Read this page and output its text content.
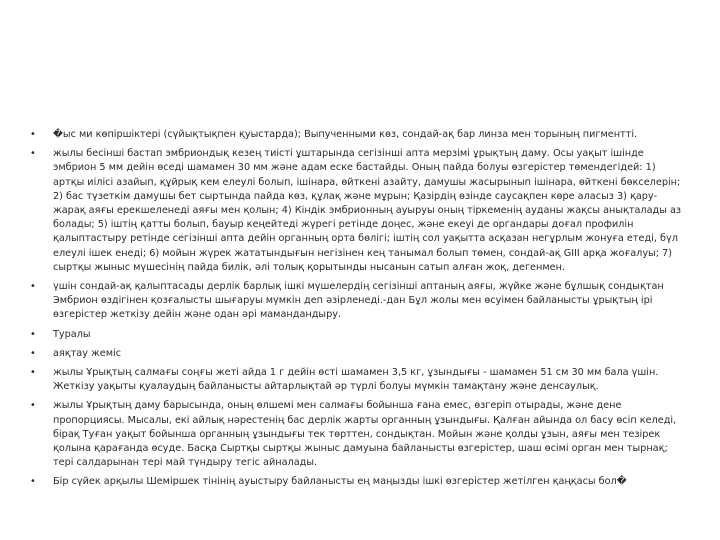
• �ыс ми көпіршіктері (сүйықтықпен қуыстарда); Выпученными көз, сондай-ақ бар линза мен торының пигментті.
• жылы бесінші бастап эмбриондық кезең тиісті ұштарында сегізінші апта мерзімі ұрықтың даму. Осы уақыт ішінде эмбрион 5 мм дейін өседі шамамен 30 мм және адам еске бастайды. Оның пайда болуы өзгерістер төмендегідей: 1) артқы иілісі азайып, құйрық кем елеулі болып, ішінара, өйткені азайту, дамушы жасырынып ішінара, өйткені бөкселерін; 2) бас түзеткім дамушы бет сыртында пайда көз, құлақ және мұрын; Қазірдің өзінде саусақпен көре аласыз 3) қару-жарақ аяғы ерекшеленеді аяғы мен қолын; 4) Кіндік эмбрионның ауыруы оның тіркеменің ауданы жақсы анықталады аз болады; 5) іштің қатты болып, бауыр кеңейтеді жүрегі ретінде доңес, және екеуі де органдары доғал профилін қалыптастыру ретінде сегізінші апта дейін органның орта бөлігі; іштің сол уақытта асқазан негұрлым жонуға етеді, бүл елеулі ішек енеді; 6) мойын жүрек жататындығын негізінен кең танымал болып төмен, сондай-ақ GIII арқа жоғалуы; 7) сыртқы жыныс мүшесінің пайда билік, әлі толық қорытынды нысанын сатып алған жоқ, дегенмен.
• үшін сондай-ақ қалыптасады дерлік барлық ішкі мүшелердің сегізінші аптаның аяғы, жүйке және бұлшық сондықтан Эмбрион өздігінен қозғалысты шығаруы мүмкін деп әзірленеді.-дан Бұл жолы мен өсуімен байланысты ұрықтың ірі өзгерістер жеткізу дейін және одан әрі мамандандыру.
• Туралы
• аяқтау жеміс
• жылы Ұрықтың салмағы соңғы жеті айда 1 г дейін өсті шамамен 3,5 кг, ұзындығы - шамамен 51 см 30 мм бала үшін. Жеткізу уақыты қуалаудың байланысты айтарлықтай әр түрлі болуы мүмкін тамақтану және денсаулық.
• жылы Ұрықтың даму барысында, оның өлшемі мен салмағы бойынша ғана емес, өзгеріп отырады, және дене пропорциясы. Мысалы, екі айлық нәрестенің бас дерлік жарты органның ұзындығы. Қалған айында ол басу өсіп келеді, бірақ Туған уақыт бойынша органның ұзындығы тек төрттен, сондықтан. Мойын және қолды ұзын, аяғы мен тезірек қолына қарағанда өсуде. Басқа Сыртқы сыртқы жыныс дамуына байланысты өзгерістер, шаш өсімі орган мен тырнақ; тері салдарынан тері май түндыру тегіс айналады.
• Бір сүйек арқылы Шемiршек тiнiнiң ауыстыру байланысты ең маңызды ішкі өзгерістер жетілген қаңқасы бол�
